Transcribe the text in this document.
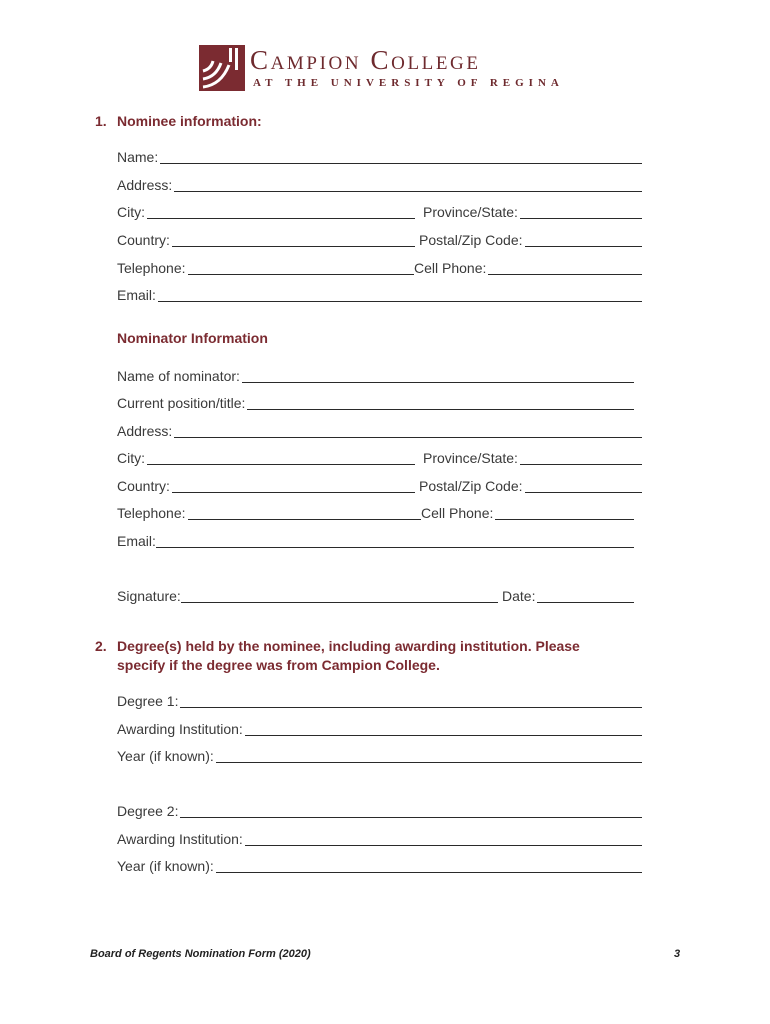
Campion College
AT THE UNIVERSITY OF REGINA
1. Nominee information:
Name:
Address:
City:	Province/State:
Country:	Postal/Zip Code:
Telephone:	Cell Phone:
Email:
Nominator Information
Name of nominator:
Current position/title:
Address:
City:	Province/State:
Country:	Postal/Zip Code:
Telephone:	Cell Phone:
Email:
Signature:	Date:
2. Degree(s) held by the nominee, including awarding institution. Please
specify if the degree was from Campion College.
Degree 1:
Awarding Institution:
Year (if known):
Degree 2:
Awarding Institution:
Year (if known):
Board of Regents Nomination Form (2020)	3
